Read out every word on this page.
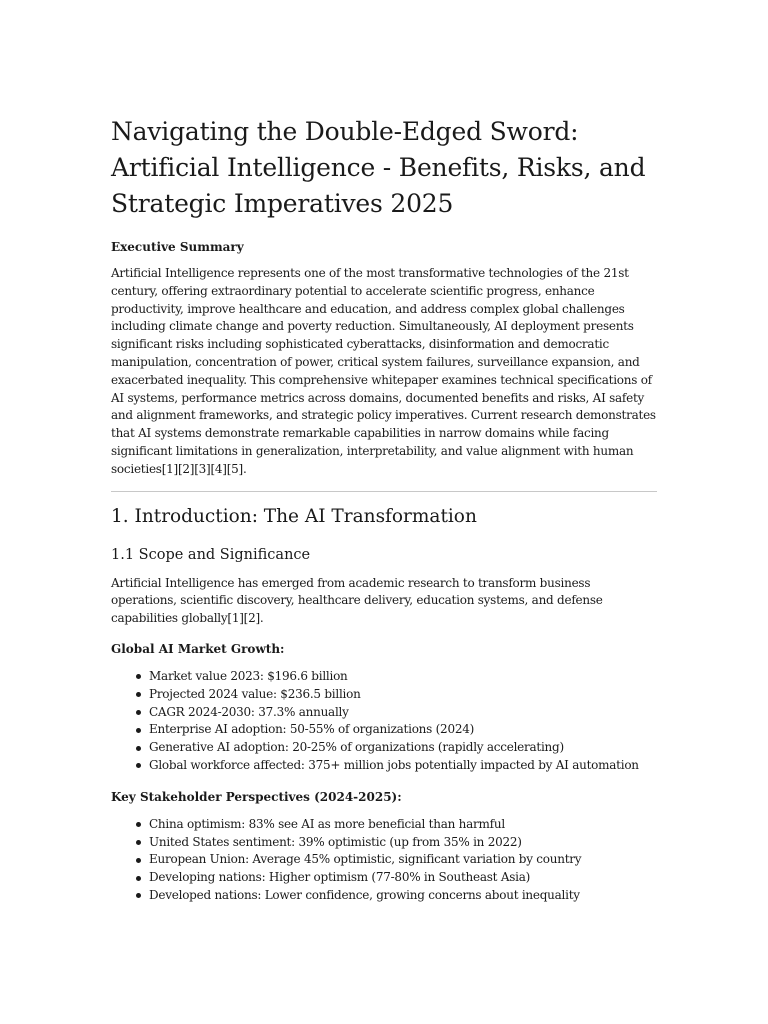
Navigating the Double-Edged Sword: Artificial Intelligence - Benefits, Risks, and Strategic Imperatives 2025
Executive Summary

Artificial Intelligence represents one of the most transformative technologies of the 21st century, offering extraordinary potential to accelerate scientific progress, enhance productivity, improve healthcare and education, and address complex global challenges including climate change and poverty reduction. Simultaneously, AI deployment presents significant risks including sophisticated cyberattacks, disinformation and democratic manipulation, concentration of power, critical system failures, surveillance expansion, and exacerbated inequality. This comprehensive whitepaper examines technical specifications of AI systems, performance metrics across domains, documented benefits and risks, AI safety and alignment frameworks, and strategic policy imperatives. Current research demonstrates that AI systems demonstrate remarkable capabilities in narrow domains while facing significant limitations in generalization, interpretability, and value alignment with human societies[1][2][3][4][5].

1. Introduction: The AI Transformation
1.1 Scope and Significance

Artificial Intelligence has emerged from academic research to transform business operations, scientific discovery, healthcare delivery, education systems, and defense capabilities globally[1][2].

Global AI Market Growth:
Market value 2023: $196.6 billion
Projected 2024 value: $236.5 billion
CAGR 2024-2030: 37.3% annually
Enterprise AI adoption: 50-55% of organizations (2024)
Generative AI adoption: 20-25% of organizations (rapidly accelerating)
Global workforce affected: 375+ million jobs potentially impacted by AI automation
Key Stakeholder Perspectives (2024-2025):
China optimism: 83% see AI as more beneficial than harmful
United States sentiment: 39% optimistic (up from 35% in 2022)
European Union: Average 45% optimistic, significant variation by country
Developing nations: Higher optimism (77-80% in Southeast Asia)
Developed nations: Lower confidence, growing concerns about inequality
